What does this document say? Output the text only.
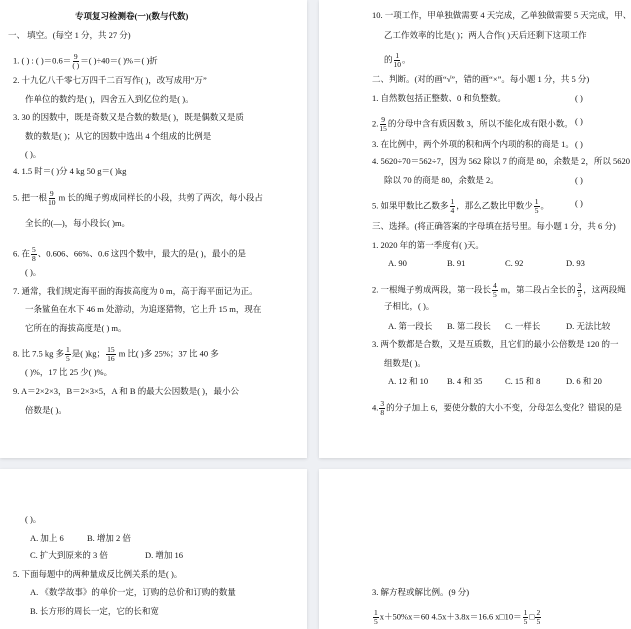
专项复习检测卷(一)(数与代数)
一、 填空。(每空 1 分，共 27 分)
1. ( ) : ( )$=0.6= \frac{9}{( )}$ ＝( )÷40＝( )%＝( )折
2. 十九亿八千零七万四千二百写作( )，改写成用“万”
作单位的数约是( )，四舍五入到亿位约是( )。
3. 30 的因数中，既是奇数又是合数的数是( )，既是偶数又是质
数的数是( )；从它的因数中选出 4 个组成的比例是
( )。
4. 1.5 时＝( )分 4 kg 50 g＝( )kg
5. 把一根 $\frac{9}{10}$ m 长的绳子剪成同样长的小段，共剪了两次，每小段占
全长的(—)，每小段长( )m。
6. 在 $\frac{5}{8}$ 、0.606、66%、0.6̇ 这四个数中，最大的是( )，最小的是
( )。
7. 通常，我们规定海平面的海拔高度为 0 m，高于海平面记为正。
一条鲨鱼在水下 46 m 处游动，为追逐猎物，它上升 15 m，现在
它所在的海拔高度是( ) m。
8. 比 7.5 kg 多 $\frac{1}{5}$ 是( )kg； $\frac{15}{16}$ m 比( )多 25%；37 比 40 多
( )%，17 比 25 少( )%。
9. A＝2×2×3，B＝2×3×5，A 和 B 的最大公因数是( )，最小公
倍数是( )。
10. 一项工作，甲单独做需要 4 天完成，乙单独做需要 5 天完成，甲、
乙工作效率的比是( )；两人合作( )天后还剩下这项工作
的 $\frac{1}{10}$ 。
二、判断。(对的画“√”，错的画“×”。每小题 1 分，共 5 分)
1. 自然数包括正整数、0 和负整数。
2. $\frac{9}{15}$ 的分母中含有质因数 3，所以不能化成有限小数。
3. 在比例中，两个外项的积和两个内项的积的商是 1。
4. 5620÷70＝562÷7，因为 562 除以 7 的商是 80，余数是 2，所以 5620
除以 70 的商是 80，余数是 2。
5. 如果甲数比乙数多 $\frac{1}{4}$ ，那么乙数比甲数少 $\frac{1}{5}$ 。
三、选择。(将正确答案的字母填在括号里。每小题 1 分，共 6 分)
1. 2020 年的第一季度有( )天。
A. 90	B. 91	C. 92	D. 93
2. 一根绳子剪成两段，第一段长 $\frac{4}{5}$ m，第二段占全长的 $\frac{3}{5}$ ，这两段绳
子相比，( )。
A. 第一段长 B. 第二段长 C. 一样长	D. 无法比较
3. 两个数都是合数，又是互质数，且它们的最小公倍数是 120 的一
组数是( )。
A. 12 和 10 B. 4 和 35	C. 15 和 8	D. 6 和 20
4. $\frac{3}{8}$ 的分子加上 6，要使分数的大小不变，分母怎么变化？错误的是
( )
( )
( )
( )
( )
( )。
A. 加上 6	B. 增加 2 倍
C. 扩大到原来的 3 倍	D. 增加 16
5. 下面每题中的两种量成反比例关系的是( )。
A. 《数学故事》的单价一定，订购的总价和订购的数量
B. 长方形的周长一定，它的长和宽
3. 解方程或解比例。(9 分)
$\frac{1}{5} x+50\%x=60$ 4.5x＋3.8x＝16.6 x□10＝ $\frac{1}{5}$ □ $\frac{2}{5}$
